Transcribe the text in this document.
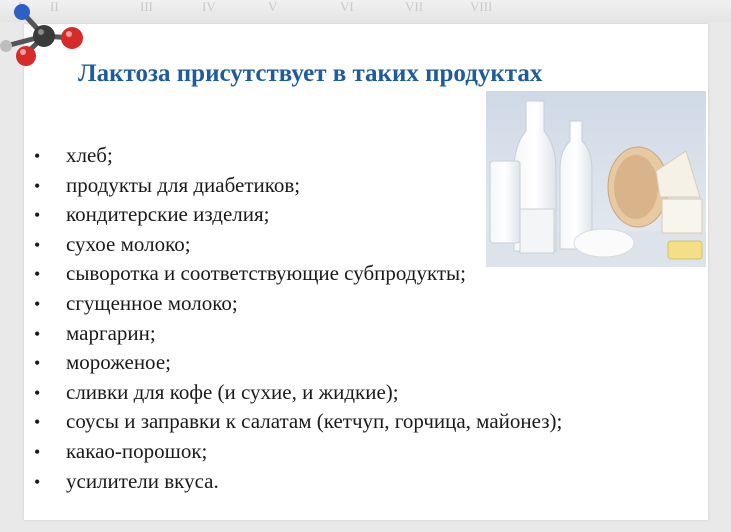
II	III	IV	V	VI	VII	VIII
Лактоза присутствует в таких продуктах
• хлеб;
• продукты для диабетиков;
• кондитерские изделия;
• сухое молоко;
• сыворотка и соответствующие субпродукты;
• сгущенное молоко;
• маргарин;
• мороженое;
• сливки для кофе (и сухие, и жидкие);
• соусы и заправки к салатам (кетчуп, горчица, майонез);
• какао-порошок;
• усилители вкуса.
